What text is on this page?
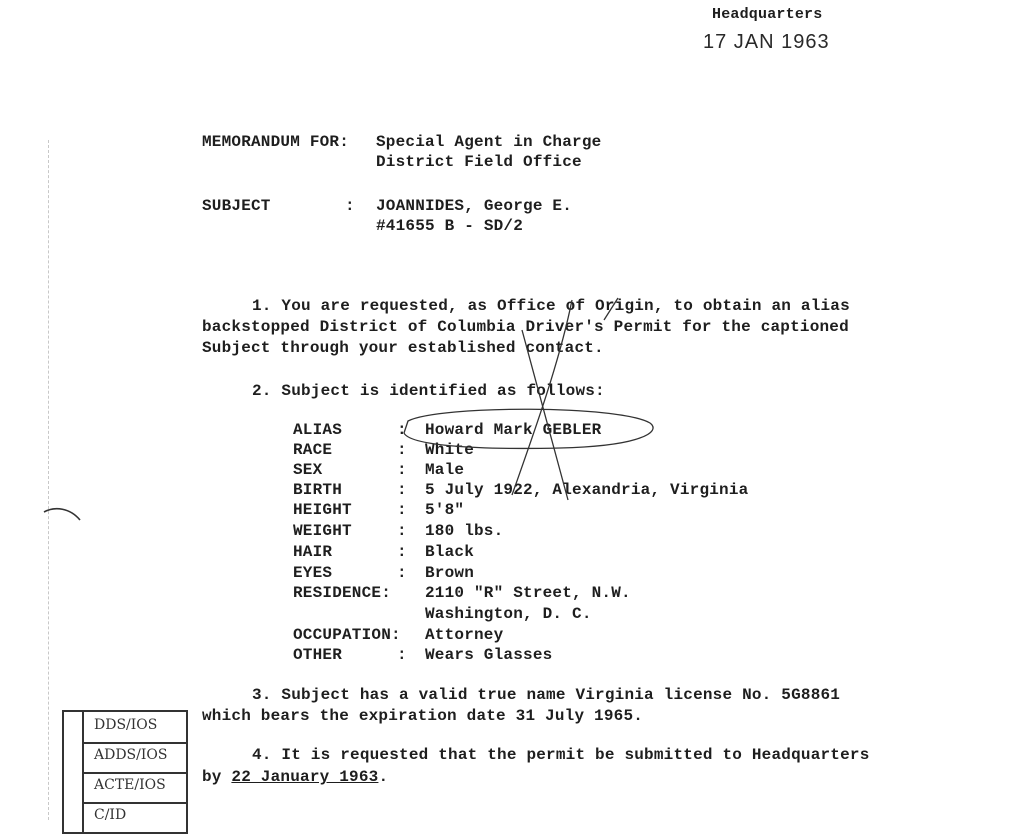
Headquarters
17 JAN 1963
MEMORANDUM FOR: Special Agent in Charge
District Field Office
SUBJECT	: JOANNIDES, George E.
#41655 B - SD/2
1. You are requested, as Office of Origin, to obtain an alias
backstopped District of Columbia Driver's Permit for the captioned
Subject through your established contact.
2. Subject is identified as follows:
ALIAS	: Howard Mark GEBLER
RACE	: White
SEX	: Male
BIRTH	: 5 July 1922, Alexandria, Virginia
HEIGHT	: 5'8"
WEIGHT	: 180 lbs.
HAIR	: Black
EYES	: Brown
RESIDENCE: 2110 "R" Street, N.W.
Washington, D. C.
OCCUPATION: Attorney
OTHER	: Wears Glasses
3. Subject has a valid true name Virginia license No. 5G8861
which bears the expiration date 31 July 1965.
4. It is requested that the permit be submitted to Headquarters
by 22 January 1963.
DDS/IOS
ADDS/IOS
ACTE/IOS
C/ID
